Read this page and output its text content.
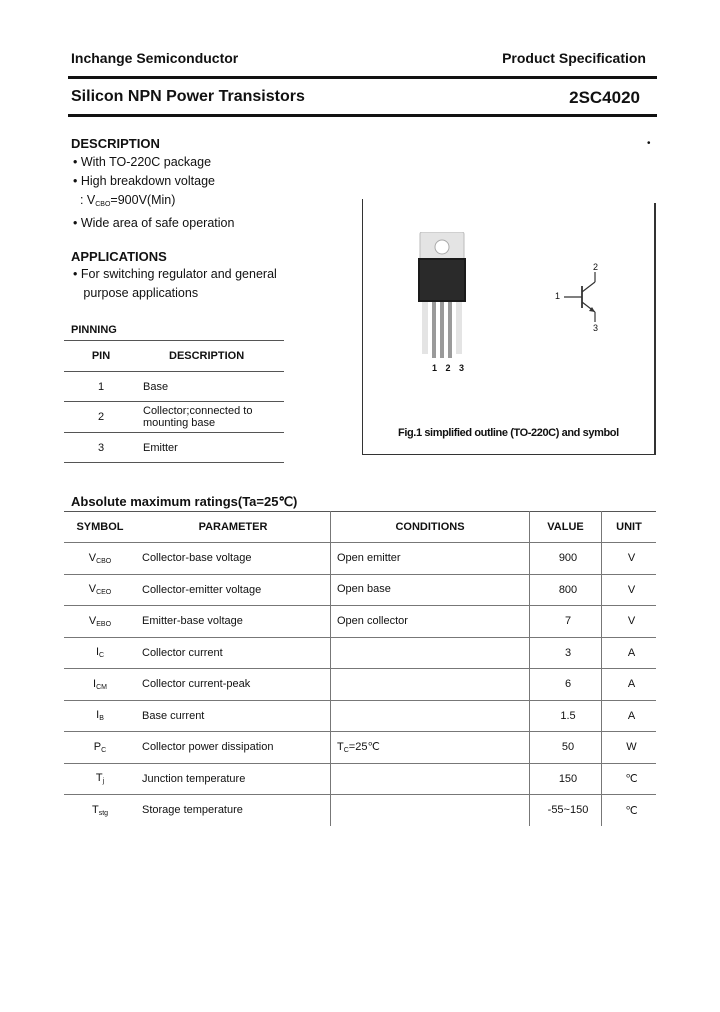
Inchange Semiconductor	Product Specification
Silicon NPN Power Transistors	2SC4020
•
DESCRIPTION
• With TO-220C package
• High breakdown voltage
: $V_{CBO}=900V(Min)$
• Wide area of safe operation
APPLICATIONS
• For switching regulator and general
purpose applications
PINNING
PIN	DESCRIPTION
1	Base
2	Collector;connected to mounting base
3	Emitter
1 2 3
1
2
3
Fig.1 simplified outline (TO-220C) and symbol
Absolute maximum ratings(Ta=25℃)
SYMBOL	PARAMETER	CONDITIONS	VALUE	UNIT
$V_{CBO}$	Collector-base voltage	Open emitter	900	V
$V_{CEO}$	Collector-emitter voltage	Open base	800	V
$V_{EBO}$	Emitter-base voltage	Open collector	7	V
$I_C$	Collector current		3	A
$I_{CM}$	Collector current-peak		6	A
$I_B$	Base current		1.5	A
$P_C$	Collector power dissipation	$T_C=25℃$	50	W
$T_j$	Junction temperature		150	℃
$T_{stg}$	Storage temperature		-55~150	℃
